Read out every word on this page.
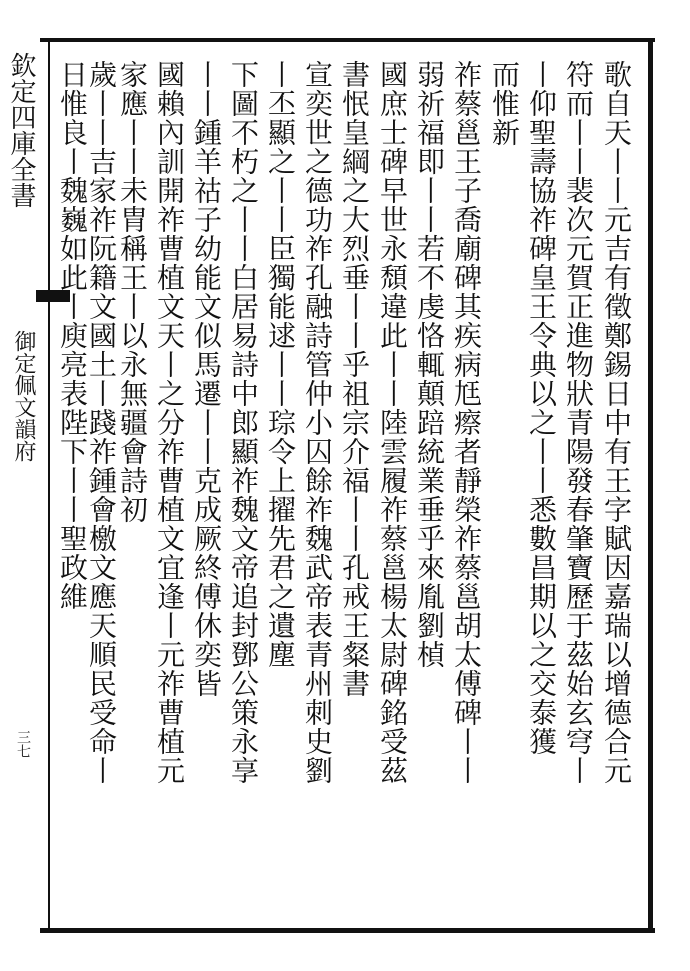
欽定四庫全書
御定佩文韻府
三七	歌自天丨丨元吉有徵鄭錫日中有王字賦因嘉瑞以增德合元
符而丨丨裴次元賀正進物狀青陽發春肇寶歷于茲始玄穹丨
丨仰聖壽協祚碑皇王令典以之丨丨悉數昌期以之交泰獲
而惟新
祚蔡邕王子喬廟碑其疾病尪瘵者靜榮祚蔡邕胡太傅碑丨丨
弱祈福即丨丨若不虔恪輒顛踣統業垂乎來胤劉楨
國庶士碑早世永頹違此丨丨陸雲履祚蔡邕楊太尉碑銘受茲
書怋皇綱之大烈垂丨丨乎祖宗介福丨丨孔戒王粲書
宣奕世之德功祚孔融詩管仲小囚餘祚魏武帝表青州刺史劉
丨丕顯之丨丨臣獨能逑丨丨琮令上擢先君之遺塵
下圖不朽之丨丨白居易詩中郎顯祚魏文帝追封鄧公策永享
丨丨鍾羊祜子幼能文似馬遷丨丨克成厥終傅休奕皆
國賴內訓開祚曹植文天丨之分祚曹植文宜逢丨元祚曹植元
家應丨丨未胄稱王丨以永無疆會詩初
歲丨丨吉家祚阮籍文國土丨踐祚鍾會檄文應天順民受命丨
日惟良丨魏巍如此丨庾亮表陛下丨丨聖政維
